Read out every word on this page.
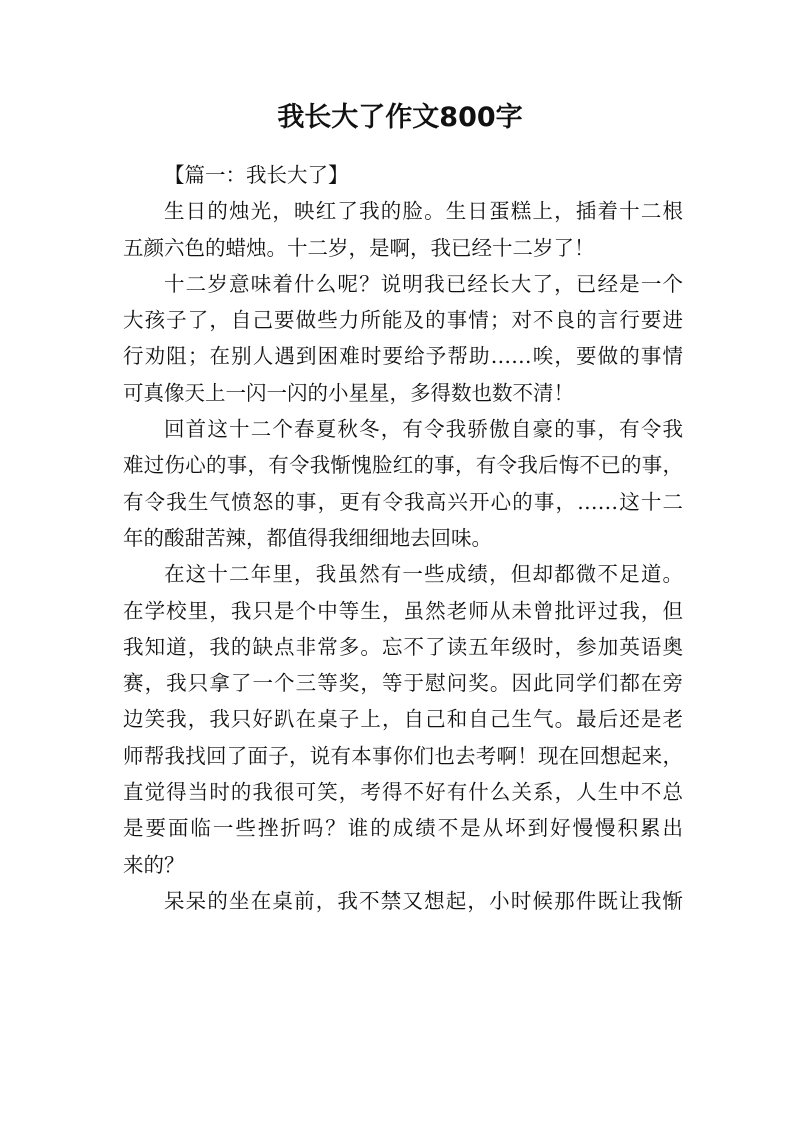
我长大了作文800字
【篇一：我长大了】
生日的烛光，映红了我的脸。生日蛋糕上，插着十二根
五颜六色的蜡烛。十二岁，是啊，我已经十二岁了！
十二岁意味着什么呢？说明我已经长大了，已经是一个
大孩子了，自己要做些力所能及的事情；对不良的言行要进
行劝阻；在别人遇到困难时要给予帮助……唉，要做的事情
可真像天上一闪一闪的小星星，多得数也数不清！
回首这十二个春夏秋冬，有令我骄傲自豪的事，有令我
难过伤心的事，有令我惭愧脸红的事，有令我后悔不已的事，
有令我生气愤怒的事，更有令我高兴开心的事，……这十二
年的酸甜苦辣，都值得我细细地去回味。
在这十二年里，我虽然有一些成绩，但却都微不足道。
在学校里，我只是个中等生，虽然老师从未曾批评过我，但
我知道，我的缺点非常多。忘不了读五年级时，参加英语奥
赛，我只拿了一个三等奖，等于慰问奖。因此同学们都在旁
边笑我，我只好趴在桌子上，自己和自己生气。最后还是老
师帮我找回了面子，说有本事你们也去考啊！现在回想起来，
直觉得当时的我很可笑，考得不好有什么关系，人生中不总
是要面临一些挫折吗？谁的成绩不是从坏到好慢慢积累出
来的？
呆呆的坐在桌前，我不禁又想起，小时候那件既让我惭
